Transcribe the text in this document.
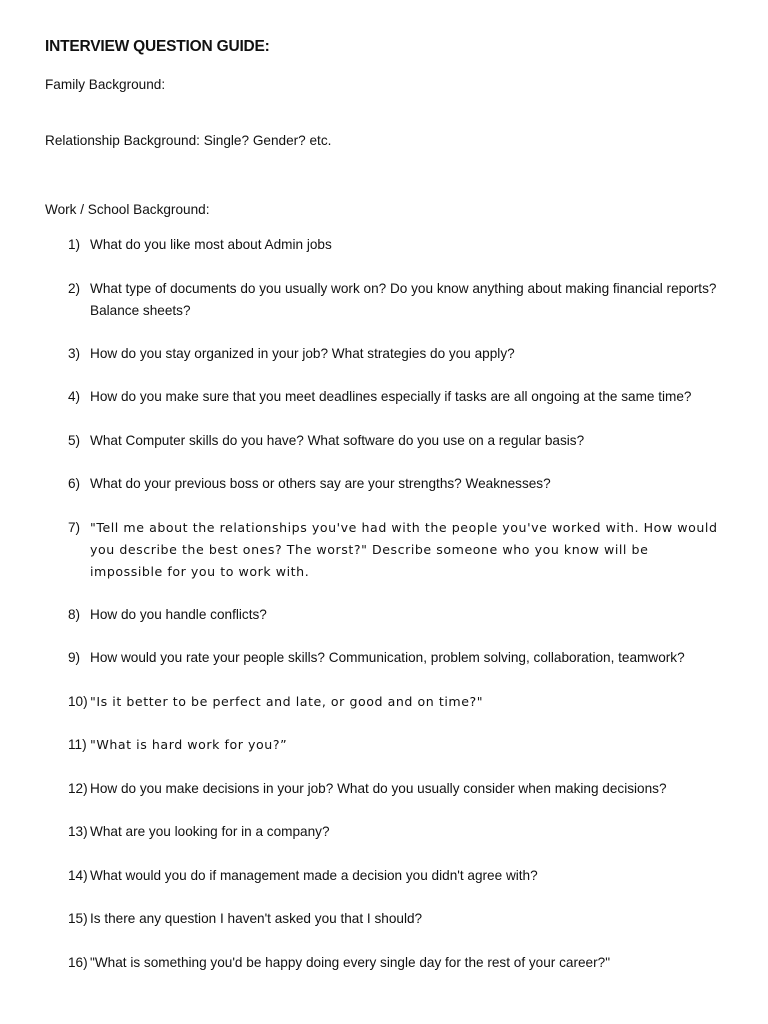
INTERVIEW QUESTION GUIDE:
Family Background:
Relationship Background: Single? Gender? etc.
Work / School Background:
1) What do you like most about Admin jobs
2) What type of documents do you usually work on? Do you know anything about making financial reports? Balance sheets?
3) How do you stay organized in your job? What strategies do you apply?
4) How do you make sure that you meet deadlines especially if tasks are all ongoing at the same time?
5) What Computer skills do you have? What software do you use on a regular basis?
6) What do your previous boss or others say are your strengths? Weaknesses?
7) "Tell me about the relationships you've had with the people you've worked with. How would you describe the best ones? The worst?" Describe someone who you know will be impossible for you to work with.
8) How do you handle conflicts?
9) How would you rate your people skills? Communication, problem solving, collaboration, teamwork?
10) "Is it better to be perfect and late, or good and on time?"
11) "What is hard work for you?”
12) How do you make decisions in your job? What do you usually consider when making decisions?
13) What are you looking for in a company?
14) What would you do if management made a decision you didn't agree with?
15) Is there any question I haven't asked you that I should?
16) "What is something you'd be happy doing every single day for the rest of your career?"
